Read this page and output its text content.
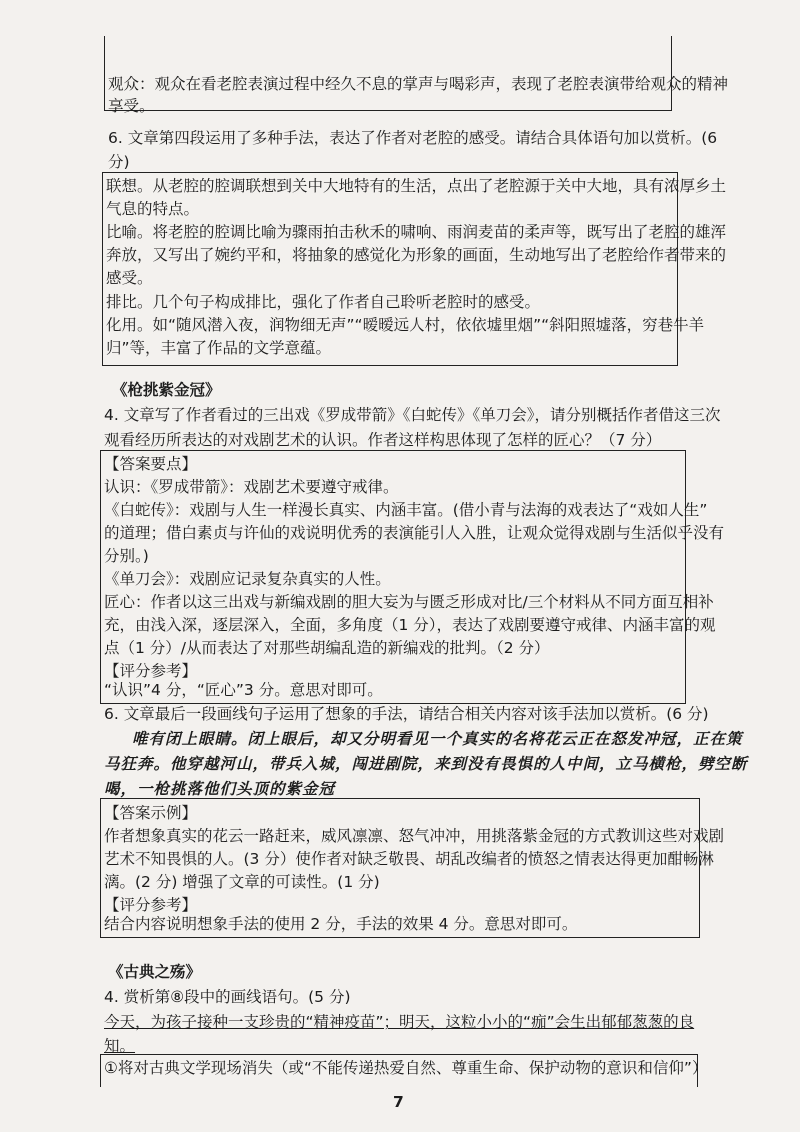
观众：观众在看老腔表演过程中经久不息的掌声与喝彩声，表现了老腔表演带给观众的精神
享受。
6. 文章第四段运用了多种手法，表达了作者对老腔的感受。请结合具体语句加以赏析。(6
分)
联想。从老腔的腔调联想到关中大地特有的生活，点出了老腔源于关中大地，具有浓厚乡土
气息的特点。
比喻。将老腔的腔调比喻为骤雨拍击秋禾的啸响、雨润麦苗的柔声等，既写出了老腔的雄浑
奔放，又写出了婉约平和，将抽象的感觉化为形象的画面，生动地写出了老腔给作者带来的
感受。
排比。几个句子构成排比，强化了作者自己聆听老腔时的感受。
化用。如“随风潜入夜，润物细无声”“暧暧远人村，依依墟里烟”“斜阳照墟落，穷巷牛羊
归”等，丰富了作品的文学意蕴。
《枪挑紫金冠》
4. 文章写了作者看过的三出戏《罗成带箭》《白蛇传》《单刀会》，请分别概括作者借这三次
观看经历所表达的对戏剧艺术的认识。作者这样构思体现了怎样的匠心？（7 分）
【答案要点】
认识：《罗成带箭》：戏剧艺术要遵守戒律。
《白蛇传》：戏剧与人生一样漫长真实、内涵丰富。(借小青与法海的戏表达了“戏如人生”
的道理；借白素贞与许仙的戏说明优秀的表演能引人入胜，让观众觉得戏剧与生活似乎没有
分别。)
《单刀会》：戏剧应记录复杂真实的人性。
匠心：作者以这三出戏与新编戏剧的胆大妄为与匮乏形成对比/三个材料从不同方面互相补
充，由浅入深，逐层深入，全面，多角度（1 分），表达了戏剧要遵守戒律、内涵丰富的观
点（1 分）/从而表达了对那些胡编乱造的新编戏的批判。（2 分）
【评分参考】
“认识”4 分，“匠心”3 分。意思对即可。
6. 文章最后一段画线句子运用了想象的手法，请结合相关内容对该手法加以赏析。(6 分)
唯有闭上眼睛。闭上眼后，却又分明看见一个真实的名将花云正在怒发冲冠，正在策
马狂奔。他穿越河山，带兵入城，闯进剧院，来到没有畏惧的人中间，立马横枪，劈空断
喝，一枪挑落他们头顶的紫金冠
【答案示例】
作者想象真实的花云一路赶来，威风凛凛、怒气冲冲，用挑落紫金冠的方式教训这些对戏剧
艺术不知畏惧的人。(3 分）使作者对缺乏敬畏、胡乱改编者的愤怒之情表达得更加酣畅淋
漓。(2 分) 增强了文章的可读性。(1 分)
【评分参考】
结合内容说明想象手法的使用 2 分，手法的效果 4 分。意思对即可。
《古典之殇》
4. 赏析第⑧段中的画线语句。(5 分)
今天，为孩子接种一支珍贵的“精神疫苗”；明天，这粒小小的“痂”会生出郁郁葱葱的良
知。
①将对古典文学现场消失（或“不能传递热爱自然、尊重生命、保护动物的意识和信仰”）
7
